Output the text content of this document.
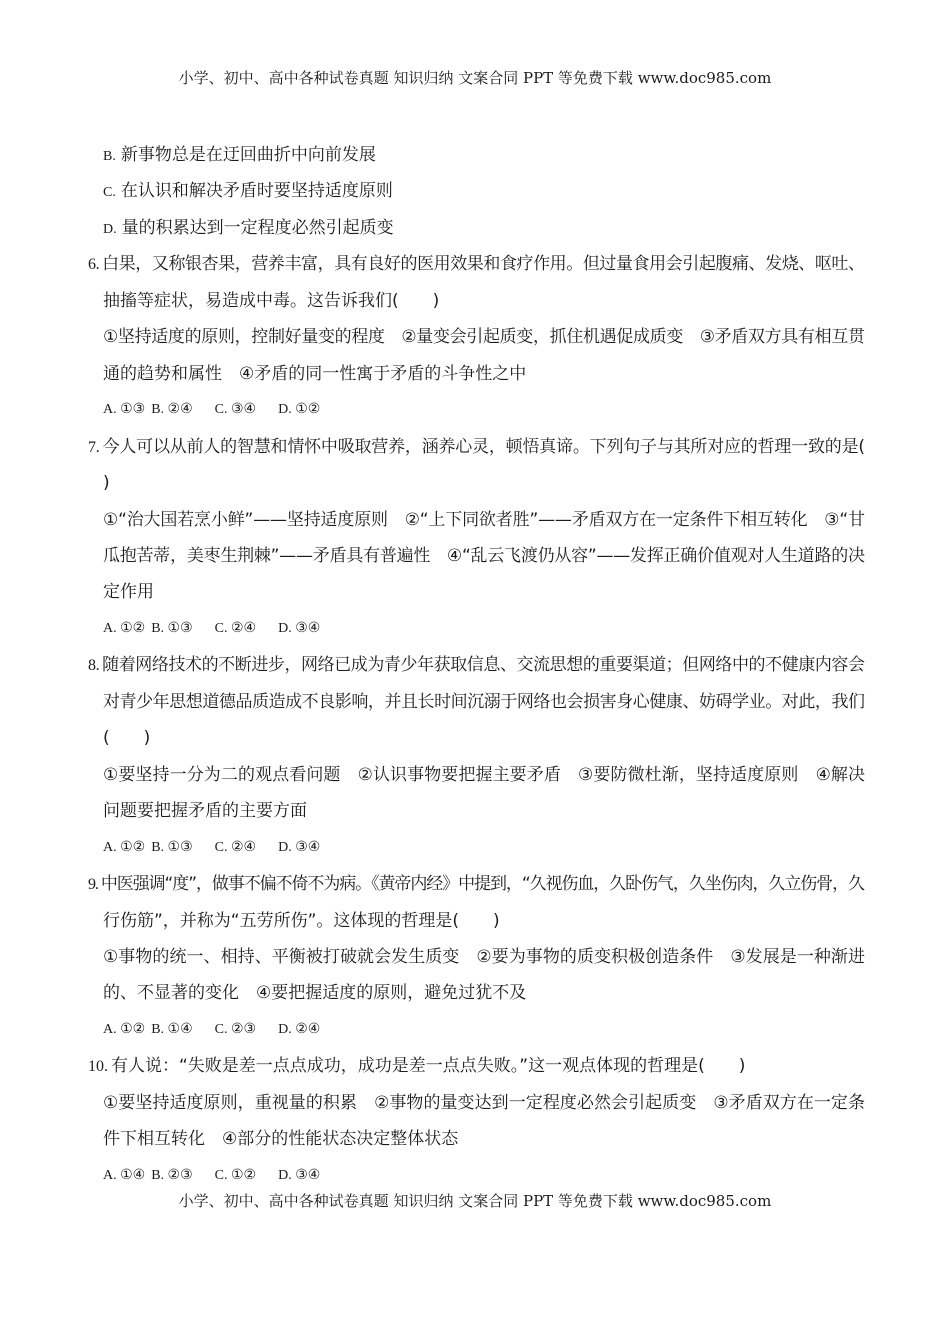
小学、初中、高中各种试卷真题 知识归纳 文案合同 PPT 等免费下载 www.doc985.com
B. 新事物总是在迂回曲折中向前发展
C. 在认识和解决矛盾时要坚持适度原则
D. 量的积累达到一定程度必然引起质变
6. 白果，又称银杏果，营养丰富，具有良好的医用效果和食疗作用。但过量食用会引起腹痛、发烧、呕吐、
抽搐等症状，易造成中毒。这告诉我们(　　)
①坚持适度的原则，控制好量变的程度　②量变会引起质变，抓住机遇促成质变　③矛盾双方具有相互贯
通的趋势和属性　④矛盾的同一性寓于矛盾的斗争性之中
A. ①③ B. ②④ C. ③④ D. ①②
7. 今人可以从前人的智慧和情怀中吸取营养，涵养心灵，顿悟真谛。下列句子与其所对应的哲理一致的是(
)
①“治大国若烹小鲜”——坚持适度原则　②“上下同欲者胜”——矛盾双方在一定条件下相互转化　③“甘
瓜抱苦蒂，美枣生荆棘”——矛盾具有普遍性　④“乱云飞渡仍从容”——发挥正确价值观对人生道路的决
定作用
A. ①② B. ①③ C. ②④ D. ③④
8. 随着网络技术的不断进步，网络已成为青少年获取信息、交流思想的重要渠道；但网络中的不健康内容会
对青少年思想道德品质造成不良影响，并且长时间沉溺于网络也会损害身心健康、妨碍学业。对此，我们
(　　)
①要坚持一分为二的观点看问题　②认识事物要把握主要矛盾　③要防微杜渐，坚持适度原则　④解决
问题要把握矛盾的主要方面
A. ①② B. ①③ C. ②④ D. ③④
9. 中医强调“度”，做事不偏不倚不为病。《黄帝内经》中提到，“久视伤血，久卧伤气，久坐伤肉，久立伤骨，久
行伤筋”，并称为“五劳所伤”。这体现的哲理是(　　)
①事物的统一、相持、平衡被打破就会发生质变　②要为事物的质变积极创造条件　③发展是一种渐进
的、不显著的变化　④要把握适度的原则，避免过犹不及
A. ①② B. ①④ C. ②③ D. ②④
10. 有人说：“失败是差一点点成功，成功是差一点点失败。”这一观点体现的哲理是(　　)
①要坚持适度原则，重视量的积累　②事物的量变达到一定程度必然会引起质变　③矛盾双方在一定条
件下相互转化　④部分的性能状态决定整体状态
A. ①④ B. ②③ C. ①② D. ③④
小学、初中、高中各种试卷真题 知识归纳 文案合同 PPT 等免费下载 www.doc985.com
